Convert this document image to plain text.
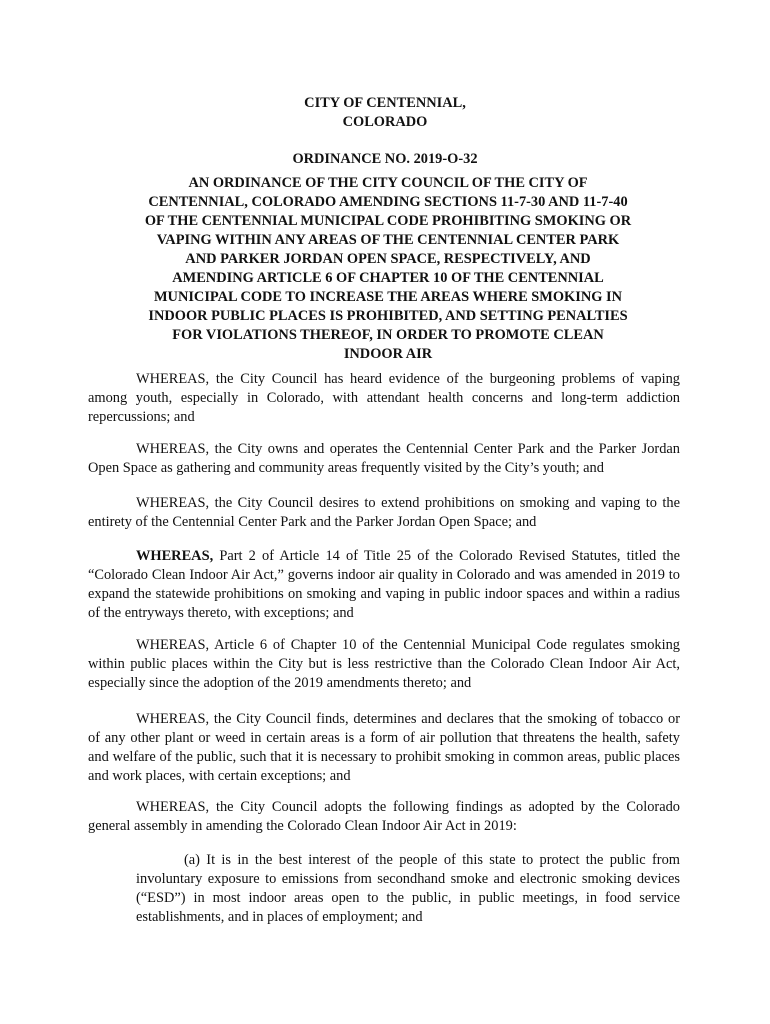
CITY OF CENTENNIAL,
COLORADO
ORDINANCE NO. 2019-O-32
AN ORDINANCE OF THE CITY COUNCIL OF THE CITY OF
CENTENNIAL, COLORADO AMENDING SECTIONS 11-7-30 AND 11-7-40
OF THE CENTENNIAL MUNICIPAL CODE PROHIBITING SMOKING OR
VAPING WITHIN ANY AREAS OF THE CENTENNIAL CENTER PARK
AND PARKER JORDAN OPEN SPACE, RESPECTIVELY, AND
AMENDING ARTICLE 6 OF CHAPTER 10 OF THE CENTENNIAL
MUNICIPAL CODE TO INCREASE THE AREAS WHERE SMOKING IN
INDOOR PUBLIC PLACES IS PROHIBITED, AND SETTING PENALTIES
FOR VIOLATIONS THEREOF, IN ORDER TO PROMOTE CLEAN
INDOOR AIR

WHEREAS, the City Council has heard evidence of the burgeoning problems of vaping among youth, especially in Colorado, with attendant health concerns and long-term addiction repercussions; and

WHEREAS, the City owns and operates the Centennial Center Park and the Parker Jordan Open Space as gathering and community areas frequently visited by the City’s youth; and

WHEREAS, the City Council desires to extend prohibitions on smoking and vaping to the entirety of the Centennial Center Park and the Parker Jordan Open Space; and

WHEREAS, Part 2 of Article 14 of Title 25 of the Colorado Revised Statutes, titled the “Colorado Clean Indoor Air Act,” governs indoor air quality in Colorado and was amended in 2019 to expand the statewide prohibitions on smoking and vaping in public indoor spaces and within a radius of the entryways thereto, with exceptions; and

WHEREAS, Article 6 of Chapter 10 of the Centennial Municipal Code regulates smoking within public places within the City but is less restrictive than the Colorado Clean Indoor Air Act, especially since the adoption of the 2019 amendments thereto; and

WHEREAS, the City Council finds, determines and declares that the smoking of tobacco or of any other plant or weed in certain areas is a form of air pollution that threatens the health, safety and welfare of the public, such that it is necessary to prohibit smoking in common areas, public places and work places, with certain exceptions; and

WHEREAS, the City Council adopts the following findings as adopted by the Colorado general assembly in amending the Colorado Clean Indoor Air Act in 2019:

(a) It is in the best interest of the people of this state to protect the public from involuntary exposure to emissions from secondhand smoke and electronic smoking devices (“ESD”) in most indoor areas open to the public, in public meetings, in food service establishments, and in places of employment; and
